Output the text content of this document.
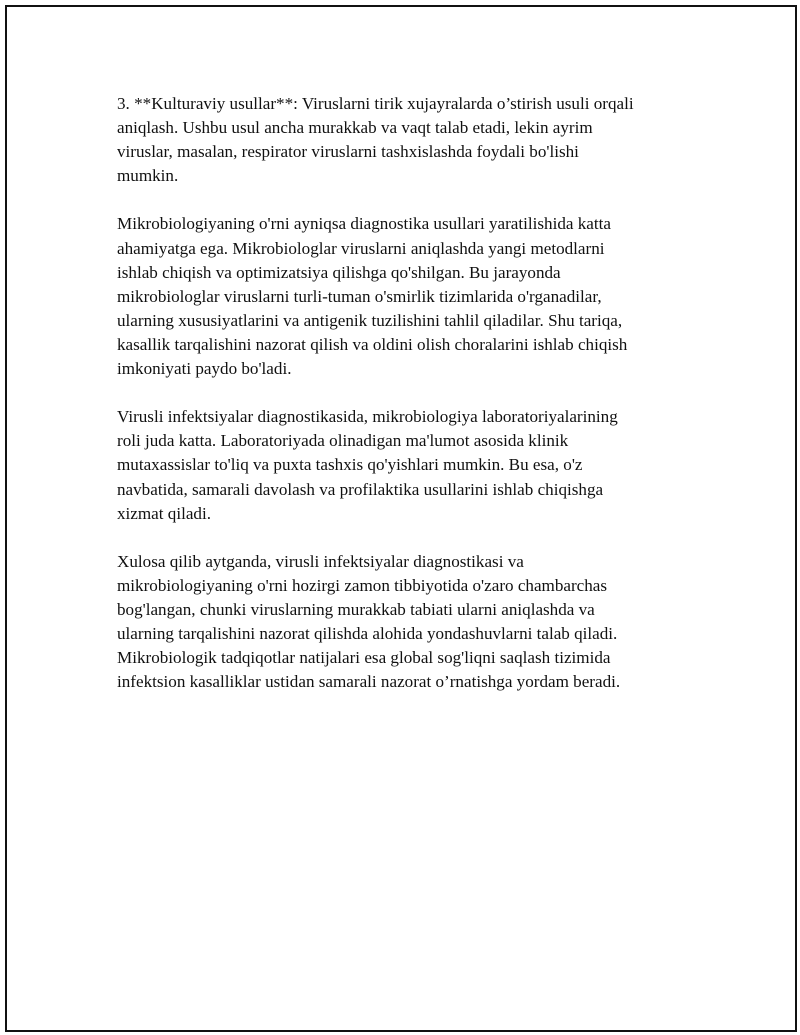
3. **Kulturaviy usullar**: Viruslarni tirik xujayralarda o’stirish usuli orqali
aniqlash. Ushbu usul ancha murakkab va vaqt talab etadi, lekin ayrim
viruslar, masalan, respirator viruslarni tashxislashda foydali bo'lishi
mumkin.

Mikrobiologiyaning o'rni ayniqsa diagnostika usullari yaratilishida katta
ahamiyatga ega. Mikrobiologlar viruslarni aniqlashda yangi metodlarni
ishlab chiqish va optimizatsiya qilishga qo'shilgan. Bu jarayonda
mikrobiologlar viruslarni turli-tuman o'smirlik tizimlarida o'rganadilar,
ularning xususiyatlarini va antigenik tuzilishini tahlil qiladilar. Shu tariqa,
kasallik tarqalishini nazorat qilish va oldini olish choralarini ishlab chiqish
imkoniyati paydo bo'ladi.

Virusli infektsiyalar diagnostikasida, mikrobiologiya laboratoriyalarining
roli juda katta. Laboratoriyada olinadigan ma'lumot asosida klinik
mutaxassislar to'liq va puxta tashxis qo'yishlari mumkin. Bu esa, o'z
navbatida, samarali davolash va profilaktika usullarini ishlab chiqishga
xizmat qiladi.

Xulosa qilib aytganda, virusli infektsiyalar diagnostikasi va
mikrobiologiyaning o'rni hozirgi zamon tibbiyotida o'zaro chambarchas
bog'langan, chunki viruslarning murakkab tabiati ularni aniqlashda va
ularning tarqalishini nazorat qilishda alohida yondashuvlarni talab qiladi.
Mikrobiologik tadqiqotlar natijalari esa global sog'liqni saqlash tizimida
infektsion kasalliklar ustidan samarali nazorat o’rnatishga yordam beradi.
